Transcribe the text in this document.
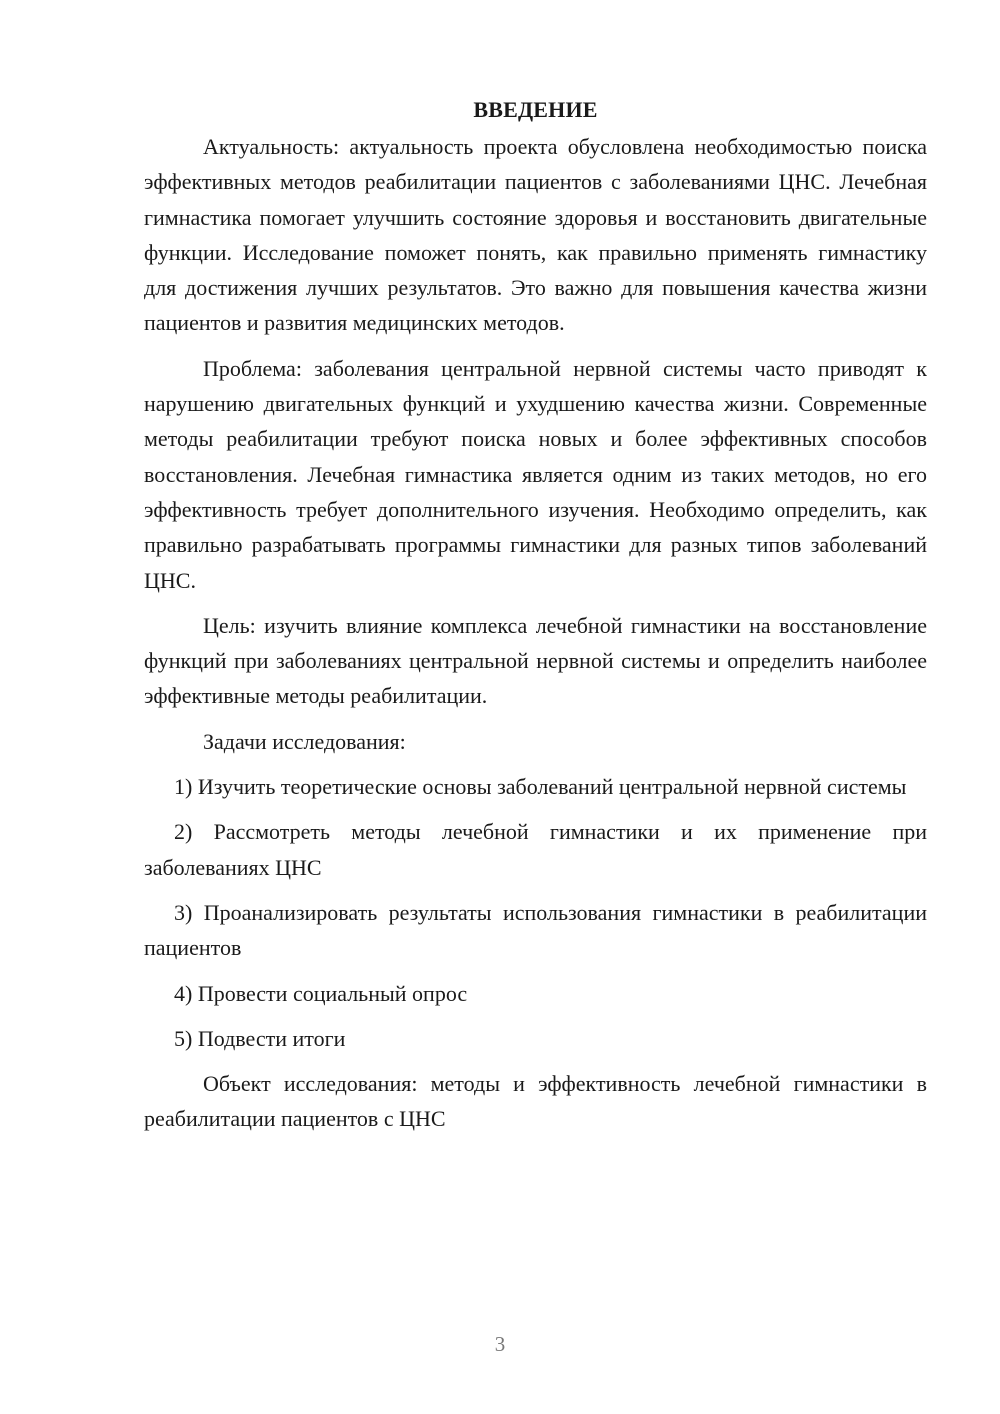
ВВЕДЕНИЕ

Актуальность: актуальность проекта обусловлена необходимостью поиска эффективных методов реабилитации пациентов с заболеваниями ЦНС. Лечебная гимнастика помогает улучшить состояние здоровья и восстановить двигательные функции. Исследование поможет понять, как правильно применять гимнастику для достижения лучших результатов. Это важно для повышения качества жизни пациентов и развития медицинских методов.

Проблема: заболевания центральной нервной системы часто приводят к нарушению двигательных функций и ухудшению качества жизни. Современные методы реабилитации требуют поиска новых и более эффективных способов восстановления. Лечебная гимнастика является одним из таких методов, но его эффективность требует дополнительного изучения. Необходимо определить, как правильно разрабатывать программы гимнастики для разных типов заболеваний ЦНС.

Цель: изучить влияние комплекса лечебной гимнастики на восстановление функций при заболеваниях центральной нервной системы и определить наиболее эффективные методы реабилитации.

Задачи исследования:

1) Изучить теоретические основы заболеваний центральной нервной системы

2) Рассмотреть методы лечебной гимнастики и их применение при заболеваниях ЦНС

3) Проанализировать результаты использования гимнастики в реабилитации пациентов

4) Провести социальный опрос

5) Подвести итоги

Объект исследования: методы и эффективность лечебной гимнастики в реабилитации пациентов с ЦНС

3
